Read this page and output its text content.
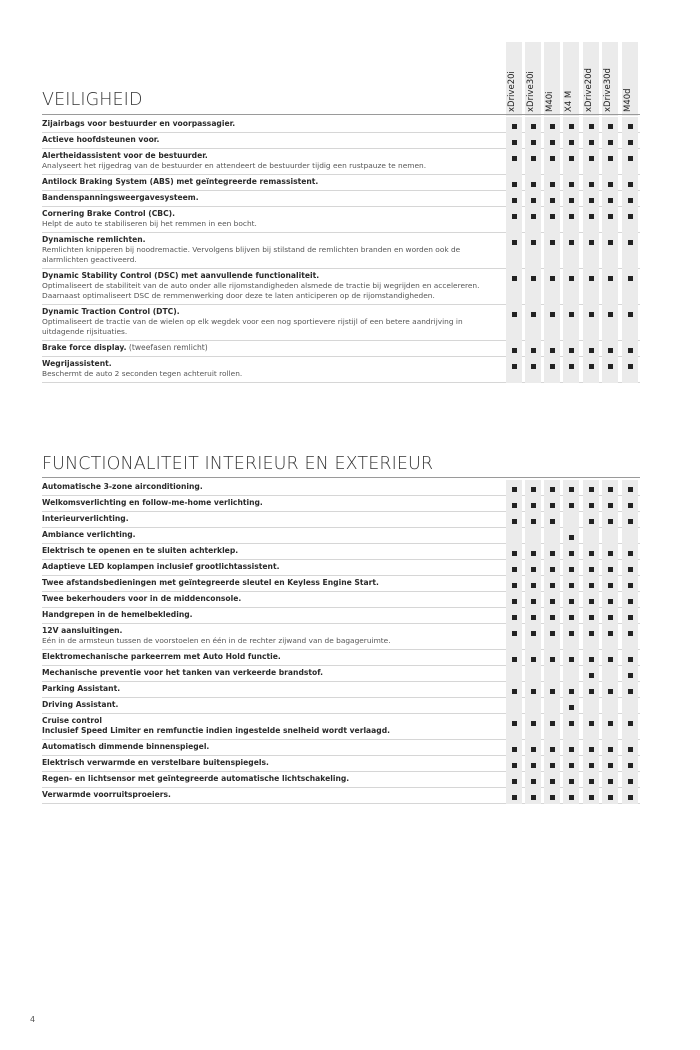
xDrive20i xDrive30i M40i X4 M xDrive20d xDrive30d M40d
VEILIGHEID
Zijairbags voor bestuurder en voorpassagier.
Actieve hoofdsteunen voor.
Alertheidassistent voor de bestuurder.
Analyseert het rijgedrag van de bestuurder en attendeert de bestuurder tijdig een rustpauze te nemen.
Antilock Braking System (ABS) met geïntegreerde remassistent.
Bandenspanningsweergavesysteem.
Cornering Brake Control (CBC).
Helpt de auto te stabiliseren bij het remmen in een bocht.
Dynamische remlichten.
Remlichten knipperen bij noodremactie. Vervolgens blijven bij stilstand de remlichten branden en worden ook de alarmlichten geactiveerd.
Dynamic Stability Control (DSC) met aanvullende functionaliteit.
Optimaliseert de stabiliteit van de auto onder alle rijomstandigheden alsmede de tractie bij wegrijden en accelereren. Daarnaast optimaliseert DSC de remmenwerking door deze te laten anticiperen op de rijomstandigheden.
Dynamic Traction Control (DTC).
Optimaliseert de tractie van de wielen op elk wegdek voor een nog sportievere rijstijl of een betere aandrijving in uitdagende rijsituaties.
Brake force display. (tweefasen remlicht)
Wegrijassistent.
Beschermt de auto 2 seconden tegen achteruit rollen.
FUNCTIONALITEIT INTERIEUR EN EXTERIEUR
Automatische 3-zone airconditioning.
Welkomsverlichting en follow-me-home verlichting.
Interieurverlichting.
Ambiance verlichting.
Elektrisch te openen en te sluiten achterklep.
Adaptieve LED koplampen inclusief grootlichtassistent.
Twee afstandsbedieningen met geïntegreerde sleutel en Keyless Engine Start.
Twee bekerhouders voor in de middenconsole.
Handgrepen in de hemelbekleding.
12V aansluitingen.
Eén in de armsteun tussen de voorstoelen en één in de rechter zijwand van de bagageruimte.
Elektromechanische parkeerrem met Auto Hold functie.
Mechanische preventie voor het tanken van verkeerde brandstof.
Parking Assistant.
Driving Assistant.
Cruise control
Inclusief Speed Limiter en remfunctie indien ingestelde snelheid wordt verlaagd.
Automatisch dimmende binnenspiegel.
Elektrisch verwarmde en verstelbare buitenspiegels.
Regen- en lichtsensor met geïntegreerde automatische lichtschakeling.
Verwarmde voorruitsproeiers.
4
